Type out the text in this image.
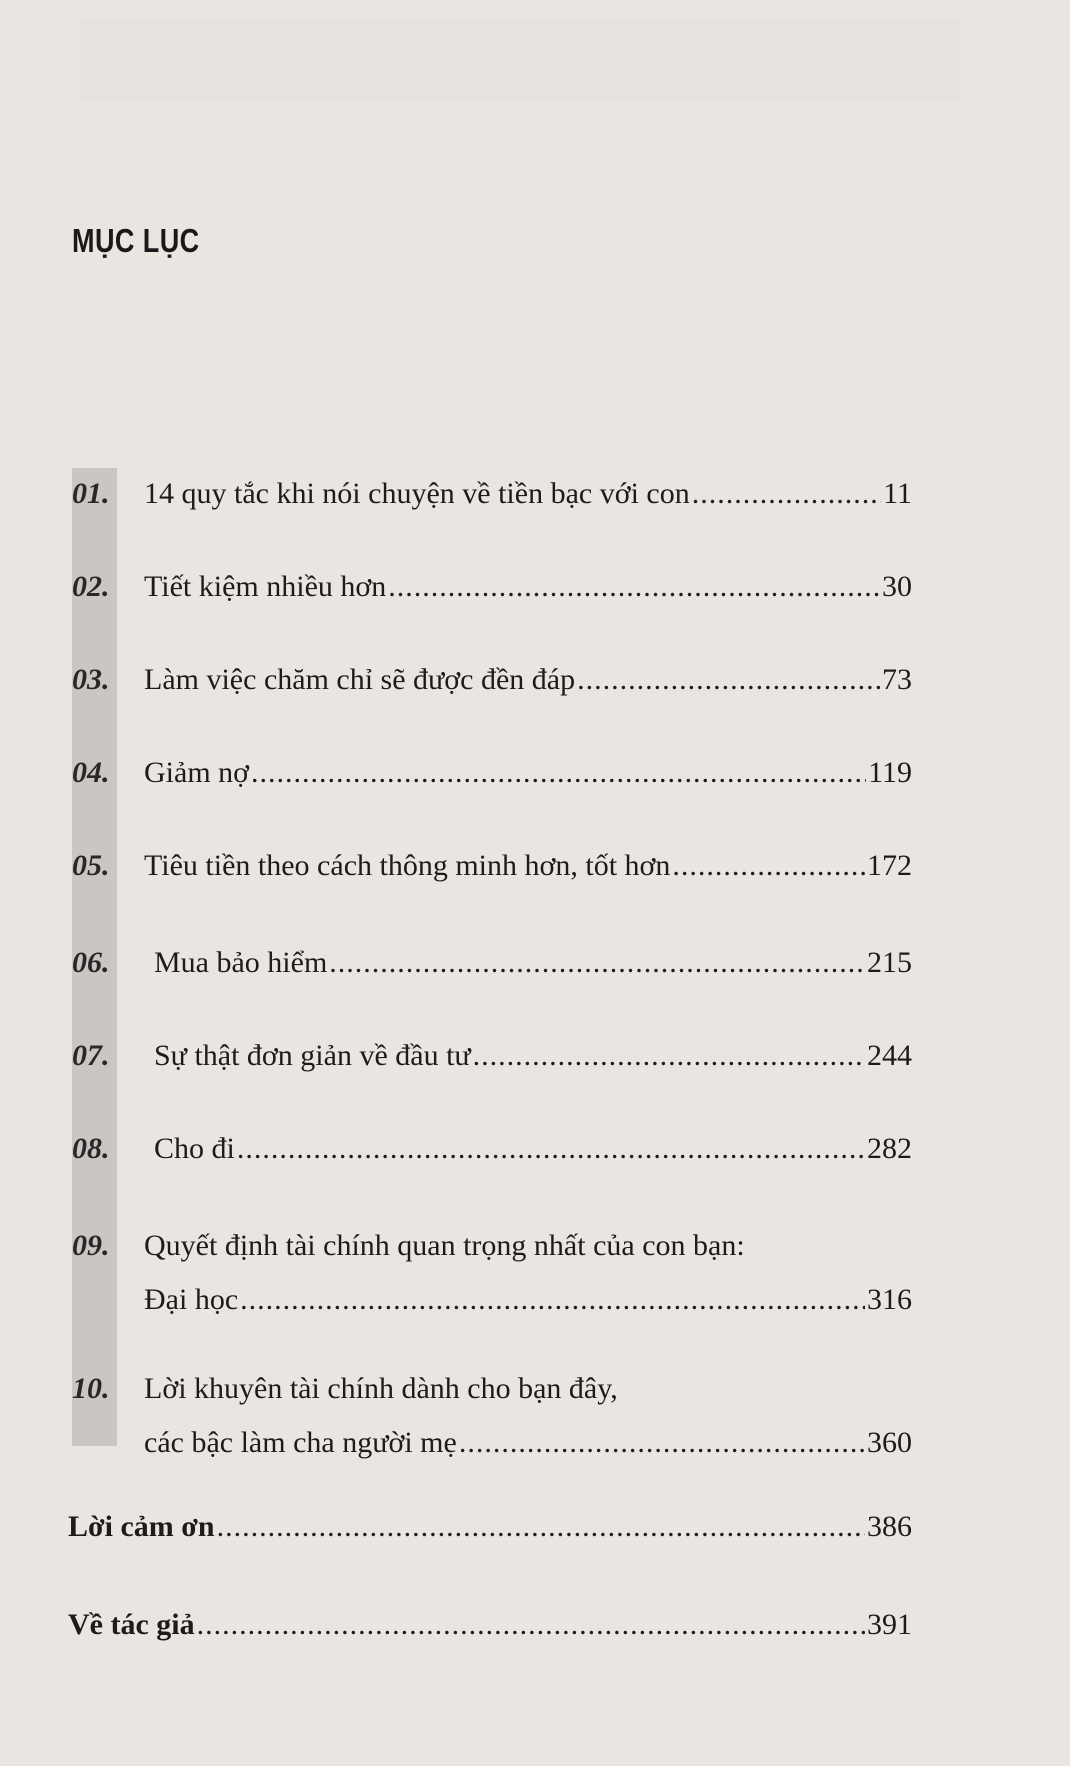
MỤC LỤC
01.	14 quy tắc khi nói chuyện về tiền bạc với con .....	11
02.	Tiết kiệm nhiều hơn .....	30
03.	Làm việc chăm chỉ sẽ được đền đáp .....	73
04.	Giảm nợ .....	119
05.	Tiêu tiền theo cách thông minh hơn, tốt hơn .....	172
06.	Mua bảo hiểm .....	215
07.	Sự thật đơn giản về đầu tư .....	244
08.	Cho đi .....	282
09.	Quyết định tài chính quan trọng nhất của con bạn:
Đại học .....	316
10.	Lời khuyên tài chính dành cho bạn đây,
các bậc làm cha người mẹ .....	360
Lời cảm ơn .....	386
Về tác giả .....	391
